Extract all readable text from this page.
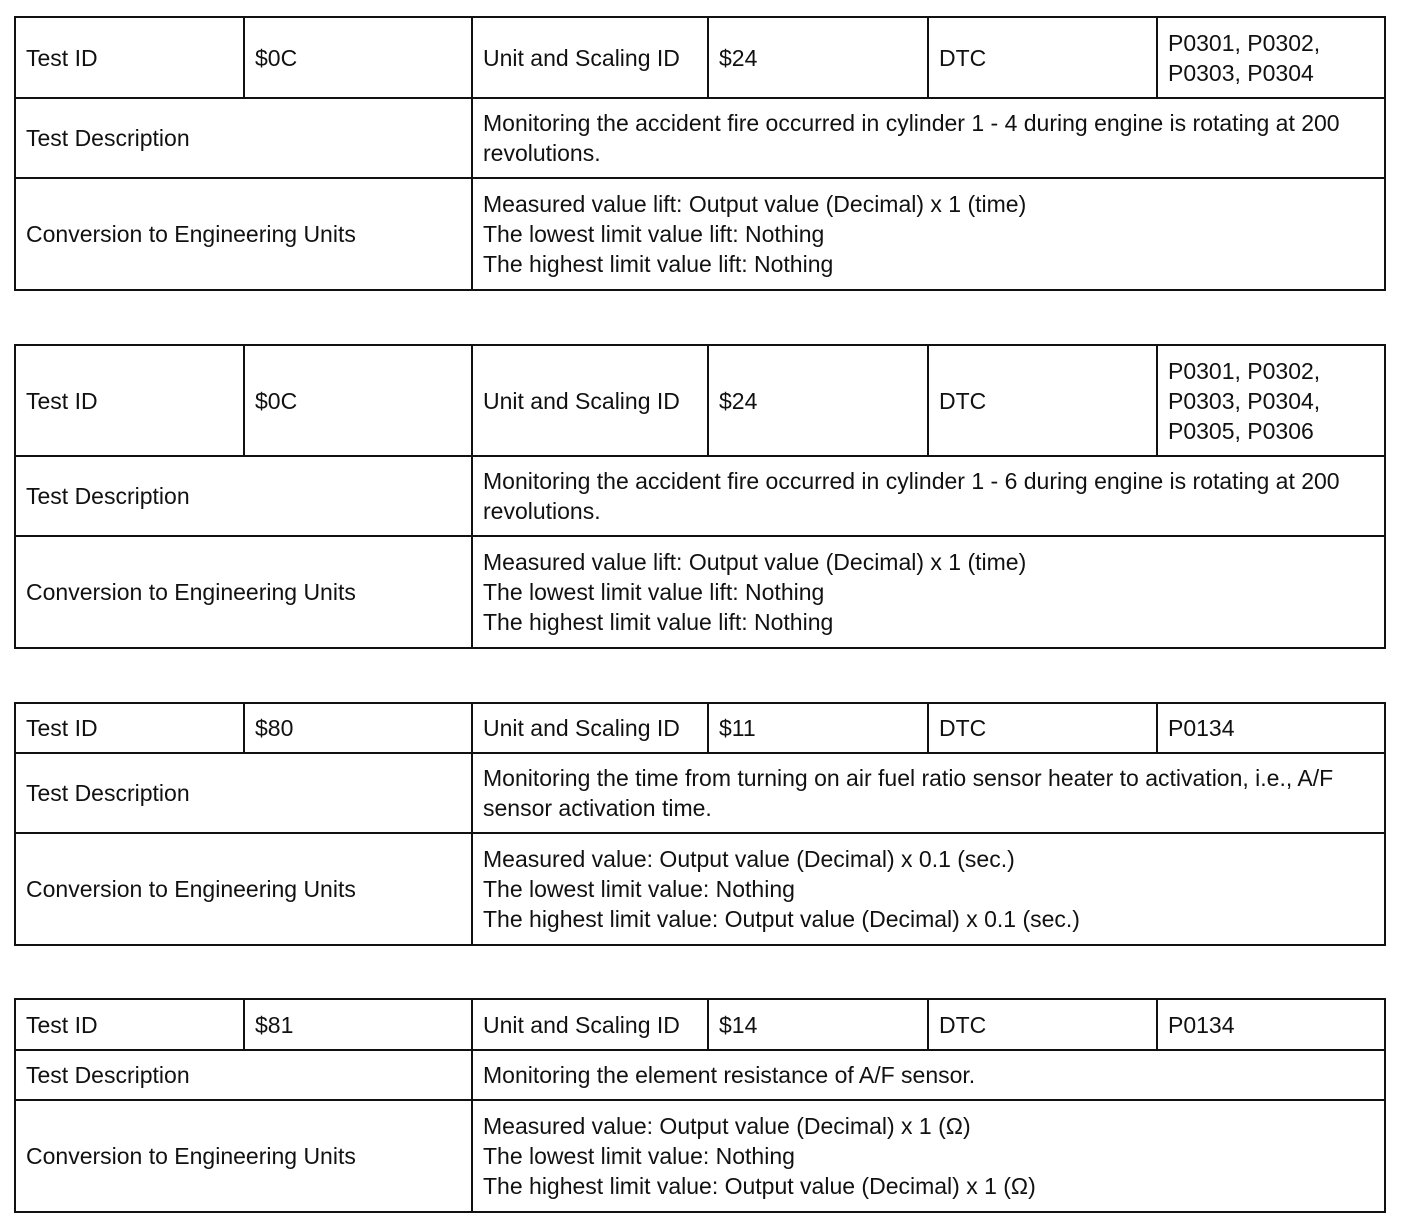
Test ID	$0C	Unit and Scaling ID	$24	DTC	P0301, P0302,
P0303, P0304
Test Description		Monitoring the accident fire occurred in cylinder 1 - 4 during engine is rotating at 200 revolutions.			
Conversion to Engineering Units		Measured value lift: Output value (Decimal) x 1 (time)
The lowest limit value lift: Nothing
The highest limit value lift: Nothing			
Test ID	$0C	Unit and Scaling ID	$24	DTC	P0301, P0302,
P0303, P0304,
P0305, P0306
Test Description		Monitoring the accident fire occurred in cylinder 1 - 6 during engine is rotating at 200 revolutions.			
Conversion to Engineering Units		Measured value lift: Output value (Decimal) x 1 (time)
The lowest limit value lift: Nothing
The highest limit value lift: Nothing			
Test ID	$80	Unit and Scaling ID	$11	DTC	P0134
Test Description		Monitoring the time from turning on air fuel ratio sensor heater to activation, i.e., A/F sensor activation time.			
Conversion to Engineering Units		Measured value: Output value (Decimal) x 0.1 (sec.)
The lowest limit value: Nothing
The highest limit value: Output value (Decimal) x 0.1 (sec.)			
Test ID	$81	Unit and Scaling ID	$14	DTC	P0134
Test Description		Monitoring the element resistance of A/F sensor.			
Conversion to Engineering Units		Measured value: Output value (Decimal) x 1 (Ω)
The lowest limit value: Nothing
The highest limit value: Output value (Decimal) x 1 (Ω)			
